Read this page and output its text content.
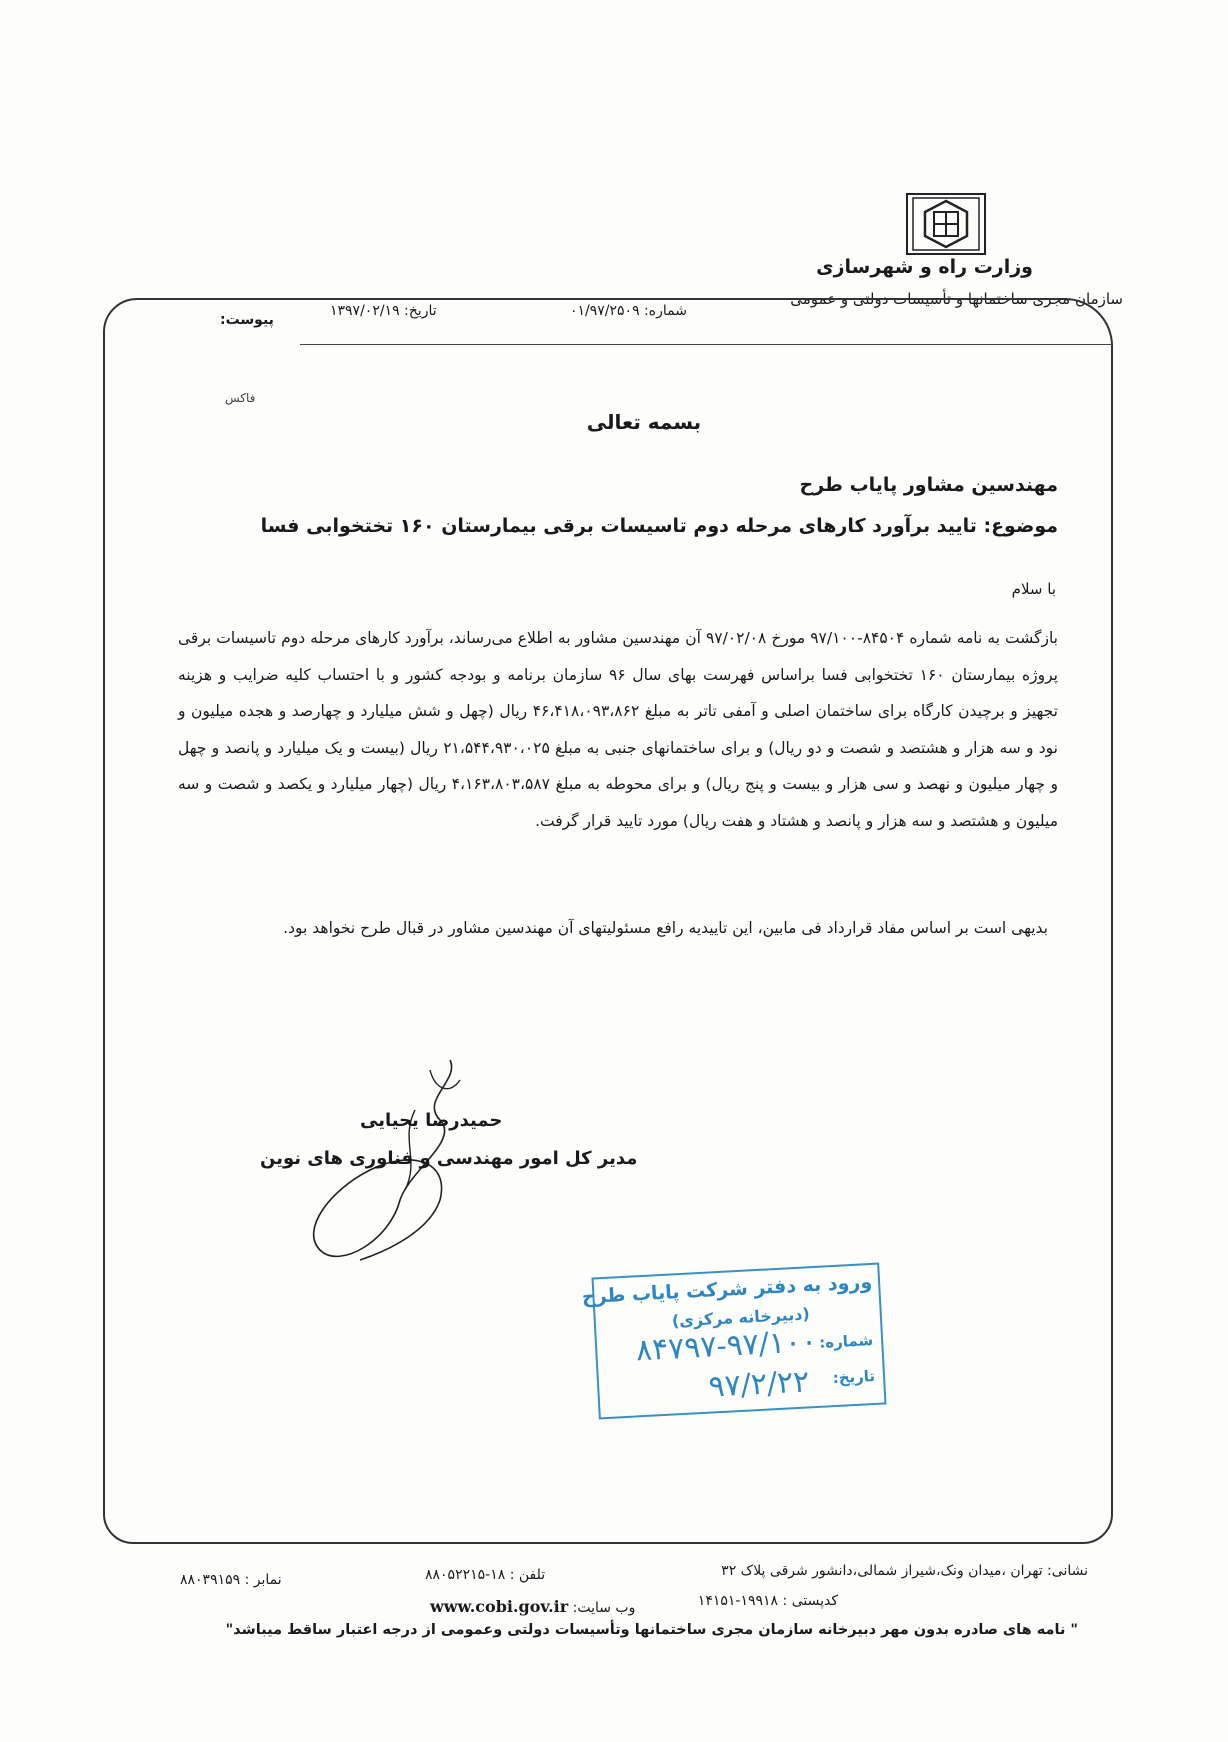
وزارت راه و شهرسازی
سازمان مجری ساختمانها و تأسیسات دولتی و عمومی
شماره: ۰۱/۹۷/۲۵۰۹
تاریخ: ۱۳۹۷/۰۲/۱۹
پیوست:
فاکس
بسمه تعالی
مهندسین مشاور پایاب طرح
موضوع: تایید برآورد کارهای مرحله دوم تاسیسات برقی بیمارستان ۱۶۰ تختخوابی فسا
با سلام
بازگشت به نامه شماره ۸۴۵۰۴-۹۷/۱۰۰ مورخ ۹۷/۰۲/۰۸ آن مهندسین مشاور به اطلاع می‌رساند، برآورد کارهای مرحله دوم تاسیسات برقی پروژه بیمارستان ۱۶۰ تختخوابی فسا براساس فهرست بهای سال ۹۶ سازمان برنامه و بودجه کشور و با احتساب کلیه ضرایب و هزینه تجهیز و برچیدن کارگاه برای ساختمان اصلی و آمفی تاتر به مبلغ ۴۶،۴۱۸،۰۹۳،۸۶۲ ریال (چهل و شش میلیارد و چهارصد و هجده میلیون و نود و سه هزار و هشتصد و شصت و دو ریال) و برای ساختمانهای جنبی به مبلغ ۲۱،۵۴۴،۹۳۰،۰۲۵ ریال (بیست و یک میلیارد و پانصد و چهل و چهار میلیون و نهصد و سی هزار و بیست و پنج ریال) و برای محوطه به مبلغ ۴،۱۶۳،۸۰۳،۵۸۷ ریال (چهار میلیارد و یکصد و شصت و سه میلیون و هشتصد و سه هزار و پانصد و هشتاد و هفت ریال) مورد تایید قرار گرفت.
بدیهی است بر اساس مفاد قرارداد فی مابین، این تاییدیه رافع مسئولیتهای آن مهندسین مشاور در قبال طرح نخواهد بود.
حمیدرضا یحیایی
مدیر کل امور مهندسی و فناوری های نوین
ورود به دفتر شرکت پایاب طرح
(دبیرخانه مرکزی)
شماره:
۸۴۷۹۷-۹۷/۱۰۰
تاریخ:
۹۷/۲/۲۲
نشانی: تهران ،میدان ونک،شیراز شمالی،دانشور شرقی پلاک ۳۲
تلفن : ۱۸-۸۸۰۵۲۲۱۵
نمابر : ۸۸۰۳۹۱۵۹
کدپستی : ۱۹۹۱۸-۱۴۱۵۱
وب سایت: www.cobi.gov.ir
" نامه های صادره بدون مهر دبیرخانه سازمان مجری ساختمانها وتأسیسات دولتی وعمومی از درجه اعتبار ساقط میباشد"
